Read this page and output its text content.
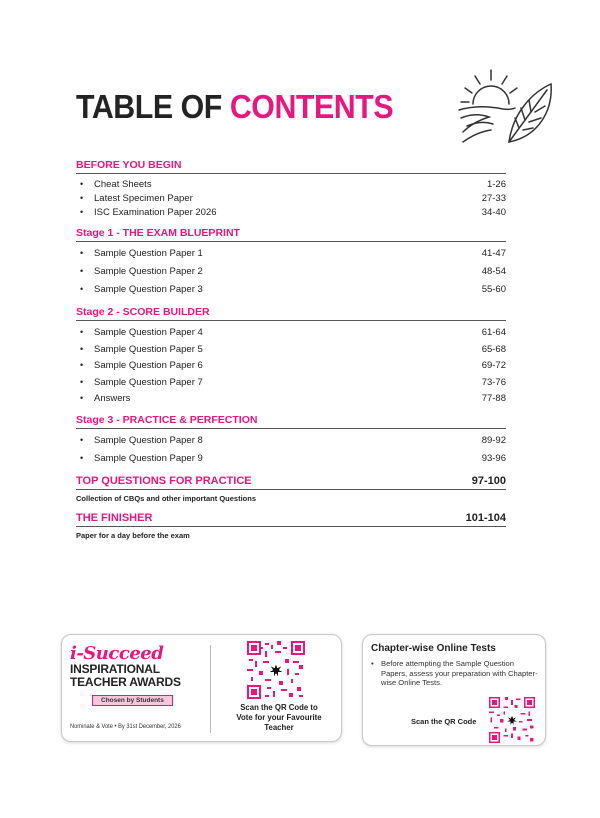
TABLE OF CONTENTS
BEFORE YOU BEGIN
• Cheat Sheets	1-26
• Latest Specimen Paper	27-33
• ISC Examination Paper 2026	34-40
Stage 1 - THE EXAM BLUEPRINT
• Sample Question Paper 1	41-47
• Sample Question Paper 2	48-54
• Sample Question Paper 3	55-60
Stage 2 - SCORE BUILDER
• Sample Question Paper 4	61-64
• Sample Question Paper 5	65-68
• Sample Question Paper 6	69-72
• Sample Question Paper 7	73-76
• Answers	77-88
Stage 3 - PRACTICE & PERFECTION
• Sample Question Paper 8	89-92
• Sample Question Paper 9	93-96
TOP QUESTIONS FOR PRACTICE	97-100
Collection of CBQs and other important Questions
THE FINISHER	101-104
Paper for a day before the exam
i-Succeed
INSPIRATIONAL
TEACHER AWARDS
Chosen by Students
Nominate & Vote • By 31st December, 2026
Scan the QR Code to
Vote for your Favourite Teacher
Chapter-wise Online Tests
• Before attempting the Sample Question Papers, assess your preparation with Chapter-wise Online Tests.
Scan the QR Code
